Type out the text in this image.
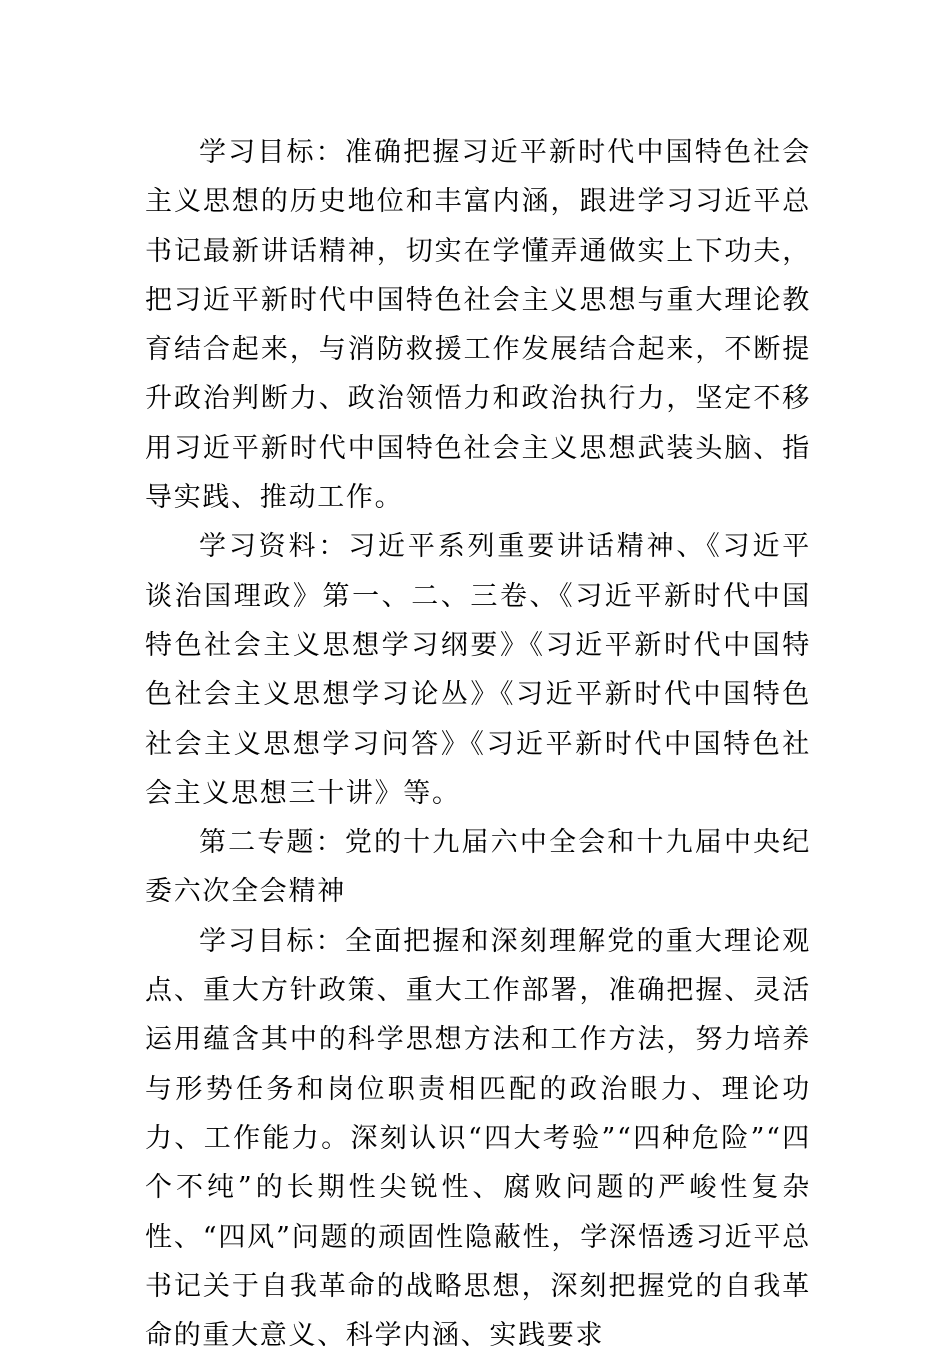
学习目标：准确把握习近平新时代中国特色社会主义思想的历史地位和丰富内涵，跟进学习习近平总书记最新讲话精神，切实在学懂弄通做实上下功夫，把习近平新时代中国特色社会主义思想与重大理论教育结合起来，与消防救援工作发展结合起来，不断提升政治判断力、政治领悟力和政治执行力，坚定不移用习近平新时代中国特色社会主义思想武装头脑、指导实践、推动工作。

学习资料：习近平系列重要讲话精神、《习近平谈治国理政》第一、二、三卷、《习近平新时代中国特色社会主义思想学习纲要》《习近平新时代中国特色社会主义思想学习论丛》《习近平新时代中国特色社会主义思想学习问答》《习近平新时代中国特色社会主义思想三十讲》等。

第二专题：党的十九届六中全会和十九届中央纪委六次全会精神

学习目标：全面把握和深刻理解党的重大理论观点、重大方针政策、重大工作部署，准确把握、灵活运用蕴含其中的科学思想方法和工作方法，努力培养与形势任务和岗位职责相匹配的政治眼力、理论功力、工作能力。深刻认识“四大考验”“四种危险”“四个不纯”的长期性尖锐性、腐败问题的严峻性复杂性、“四风”问题的顽固性隐蔽性，学深悟透习近平总书记关于自我革命的战略思想，深刻把握党的自我革命的重大意义、科学内涵、实践要求
